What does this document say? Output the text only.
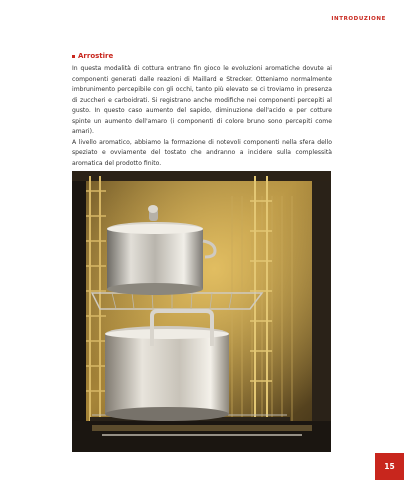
INTRODUZIONE
Arrostire

In questa modalità di cottura entrano fin gioco le evoluzioni aromatiche dovute ai componenti generati dalle reazioni di Maillard e Strecker. Otteniamo normalmente imbrunimento percepibile con gli occhi, tanto più elevato se ci troviamo in presenza di zuccheri e carboidrati. Si registrano anche modifiche nei componenti percepiti al gusto. In questo caso aumento del sapido, diminuzione dell'acido e per cotture spinte un aumento dell'amaro (i componenti di colore bruno sono percepiti come amari).

A livello aromatico, abbiamo la formazione di notevoli componenti nella sfera dello speziato e ovviamente del tostato che andranno a incidere sulla complessità aromatica del prodotto finito.

15
